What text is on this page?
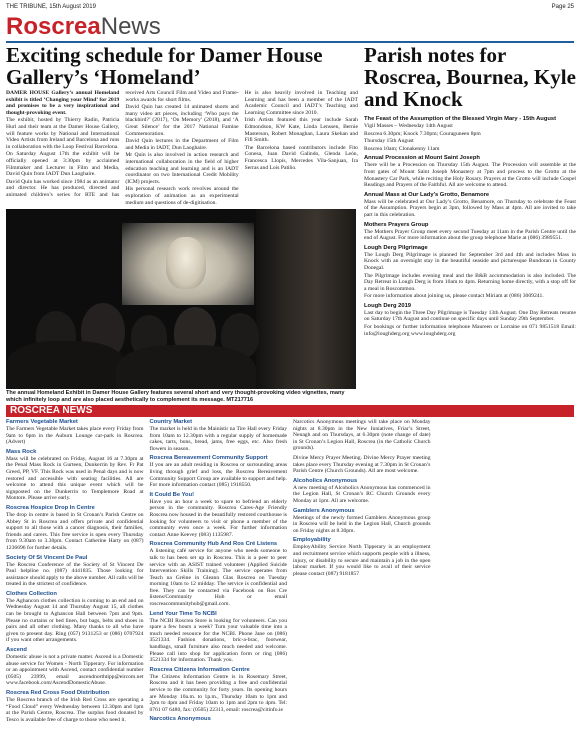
THE TRIBUNE, 15th August 2019	Page 25
RoscreaNews
Exciting schedule for Damer House Gallery’s ‘Homeland’

DAMER HOUSE Gallery’s annual Homeland exhibit is titled ‘Changing your Mind’ for 2019 and promises to be a very inspirational and thought-provoking event.

The exhibit, hosted by Thierry Radin, Patricia Hurl and their team at the Damer House Gallery, will feature works by National and International Video Artists from Ireland and Barcelona and runs in collaboration with the Loop Festival Barcelona.

On Saturday August 17th the exhibit will be officially opened at 3:30pm by acclaimed Filmmaker and Lecturer in Film and Media, David Quin from IADT Dun Laoghaire.

David Quin has worked since 1984 as an animator and director. He has produced, directed and animated children’s series for RTE and has received Arts Council Film and Video and Frame-works awards for short films.

David Quin has created 14 animated shorts and many video art pieces, including ‘Who pays the blackbird?’ (2017), ‘On Memory’ (2018), and ‘A Great Silence’ for the 2017 National Famine Commemoration.

David Quin lectures in the Department of Film and Media in IADT, Dun Laoghaire.

Mr Quin is also involved in action research and international collaboration in the field of higher education teaching and learning and is an IADT coordinator on two International Credit Mobility (ICM) projects.

His personal research work revolves around the exploration of animation as an experimental medium and questions of de-digitisation.

He is also heavily involved in Teaching and Learning and has been a member of the IADT Academic Council and IADT’s Teaching and Learning Committee since 2010.

Irish Artists featured this year include Sarah Edmondson, KW Kate, Linda Lenssen, Bernie Masterson, Robert Monaghan, Laura Skehan and Fifi Smith.

The Barcelona based contributors include Fito Conesa, Juan David Galindo, Glenda León, Francesca Llopis, Mercedes Vila-Sanjuan, Ira Serras and Lois Patiño.

The annual Homeland Exhibit in Damer House Gallery features several short and very thought-provoking video vignettes, many which infinitely loop and are also placed aesthetically to complement its message. MT217716
Parish notes for Roscrea, Bournea, Kyle and Knock
The Feast of the Assumption of the Blessed Virgin Mary - 15th August

Vigil Masses – Wednesday 14th August

Roscrea 6.30pm; Knock 7.30pm; Couraguneen 8pm

Thursday 15th August

Roscrea 10am; Clonakenny 11am

Annual Procession at Mount Saint Joseph

There will be a Procession on Thursday 15th August. The Procession will assemble at the front gates of Mount Saint Joseph Monastery at 7pm and process to the Grotto at the Monastery Car Park, while reciting the Holy Rosary. Prayers at the Grotto will include Gospel Readings and Prayers of the Faithful. All are welcome to attend.

Annual Mass at Our Lady’s Grotto, Benamore

Mass will be celebrated at Our Lady’s Grotto, Benamore, on Thursday to celebrate the Feast of the Assumption. Prayers begin at 3pm, followed by Mass at 4pm. All are invited to take part in this celebration.

Mothers Prayers Group

The Mothers Prayer Group meet every second Tuesday at 11am in the Parish Centre until the end of August. For more information about the group telephone Marie at (086) 3989551.

Lough Derg Pilgrimage

The Lough Derg Pilgrimage is planned for September 3rd and 4th and includes Mass in Knock with an overnight stay in the beautiful seaside and picturesque Bundoran in County Donegal.

The Pilgrimage includes evening meal and the B&B accommodation is also included. The Day Retreat in Lough Derg is from 10am to 4pm. Returning home directly, with a stop off for a meal in Roscommon.

For more information about joining us, please contact Miriam at (086) 3009241.

Lough Derg 2019

Last day to begin the Three Day Pilgrimage is Tuesday 13th August. One Day Retreats resume on Saturday 17th August and continue on specific days until Sunday 29th September.

For bookings or further information telephone Maureen or Lorraine on 071 9851518 Email: info@loughderg.org www.loughderg.org

ROSCREA NEWS
Farmers Vegetable Market

The Farmers Vegetable Market takes place every Friday from 9am to 6pm in the Auburn Lounge car-park in Roscrea. (Advert)

Mass Rock

Mass will be celebrated on Friday, August 16 at 7.30pm at the Penal Mass Rock in Gurteen, Dunkerrin by Rev. Fr Pat Greed, PP, VF. This Rock was used in Penal days and is now restored and accessible with seating facilities. All are welcome to attend this unique event which will be signposted on the Dunkerrin to Templemore Road at Montore. Please arrive early.

Roscrea Hospice Drop In Centre

The drop in centre is based in St Cronan’s Parish Centre on Abbey St in Roscrea and offers private and confidential support to all those with a cancer diagnosis, their families, friends and carers. This free service is open every Thursday from 9.30am to 3.30pm. Contact Catherine Harty on (087) 1236696 for further details.

Society Of St Vincent De Paul

The Roscrea Conference of the Society of St Vincent De Paul helpline no. (087) 4441835. Those looking for assistance should apply to the above number. All calls will be treated in the strictest of confidence.

Clothes Collection

The Aghancon clothes collection is coming to an end and on Wednesday August 14 and Thursday August 15, all clothes can be brought to Aghancon Hall between 7pm and 9pm. Please no curtains or bed linen, but bags, belts and shoes in pairs and all other clothing. Many thanks to all who have given to present day. Ring (057) 9131253 or (086) 0707924 if you want other arrangements.

Ascend

Domestic abuse is not a private matter. Ascend is a Domestic abuse service for Women - North Tipperary. For information or an appointment with Ascend, contact confidential number (0505) 23999, email ascendnorthtipp@eircom.net www.facebook.com/AscendDomesticAbuse.

Roscrea Red Cross Food Distribution

The Roscrea branch of the Irish Red Cross are operating a “Food Cloud” every Wednesday between 12.30pm and 1pm at the Parish Centre, Roscrea. The surplus food donated by Tesco is available free of charge to those who need it.

Country Market

The market is held in the Mainistir na Tire Hall every Friday from 10am to 12.30pm with a regular supply of homemade cakes, tarts, buns, bread, jams, free eggs, etc. Also fresh flowers in season.

Roscrea Bereavement Community Support

If you are an adult residing in Roscrea or surrounding areas living through grief and loss, the Roscrea Bereavement Community Support Group are available to support and help. For more information contact (085) 1918550.

It Could Be You!

Have you an hour a week to spare to befriend an elderly person in the community. Roscrea Cares-Age Friendly Roscrea now housed in the beautifully restored courthouse is looking for volunteers to visit or phone a member of the community even once a week. For further information contact Anne Keevey (083) 1135987.

Roscrea Community Hub And Ros Cré Listens

A listening café service for anyone who needs someone to talk to has been set up in Roscrea. This is a peer to peer service with an ASIST trained volunteer (Applied Suicide Intervention Skills Training). The service operates from Teach na Gréine in Gleann Glas Roscrea on Tuesday morning 10am to 12 midday. The service is confidential and free. They can be contacted via Facebook on Ros Cre listens/Community Hub or email roscreacommunityhub@gmail.com.

Lend Your Time To NCBI

The NCBI Roscrea Store is looking for volunteers. Can you spare a few hours a week? Turn your valuable time into a much needed resource for the NCBI. Phone Jane on (086) 3521334. Fashion donations, bric-a-brac, footwear, handbags, small furniture also much needed and welcome. Please call into shop for application form or ring (086) 3521334 for information. Thank you.

Roscrea Citizens Information Centre

The Citizens Information Centre is in Rosemary Street, Roscrea and it has been providing a free and confidential service to the community for forty years. Its opening hours are Monday 10a.m. to 1p.m., Thursday 10am to 1pm and 2pm to 4pm and Friday 10am to 1pm and 2pm to 4pm. Tel: 0761 07 6480, fax: (0505) 22313, email: roscrea@citinfo.ie

Narcotics Anonymous

Narcotics Anonymous meetings will take place on Monday nights at 8.30pm in the New Inniatives, Friar’s Street, Nenagh and on Thursdays, at 6.30pm (note change of date) in St Cronan’s Legion Hall, Roscrea (in the Catholic Church grounds).

Divine Mercy Prayer Meeting. Divine Mercy Prayer meeting takes place every Thursday evening at 7.30pm in St Cronan’s Parish Centre (Church Grounds). All are most welcome.

Alcoholics Anonymous

A new meeting of Alcoholics Anonymous has commenced in the Legion Hall, St Cronan’s RC Church Grounds every Monday at 1pm. All are welcome.

Gamblers Anonymous

Meetings of the newly formed Gamblers Anonymous group in Roscrea will be held in the Legion Hall, Church grounds on Friday nights at 8.30pm.

Employability

EmployAbility Service North Tipperary is an employment and recruitment service which supports people with a illness, injury, or disability to secure and maintain a job in the open labour market. If you would like to avail of their service please contact (087) 9181857
